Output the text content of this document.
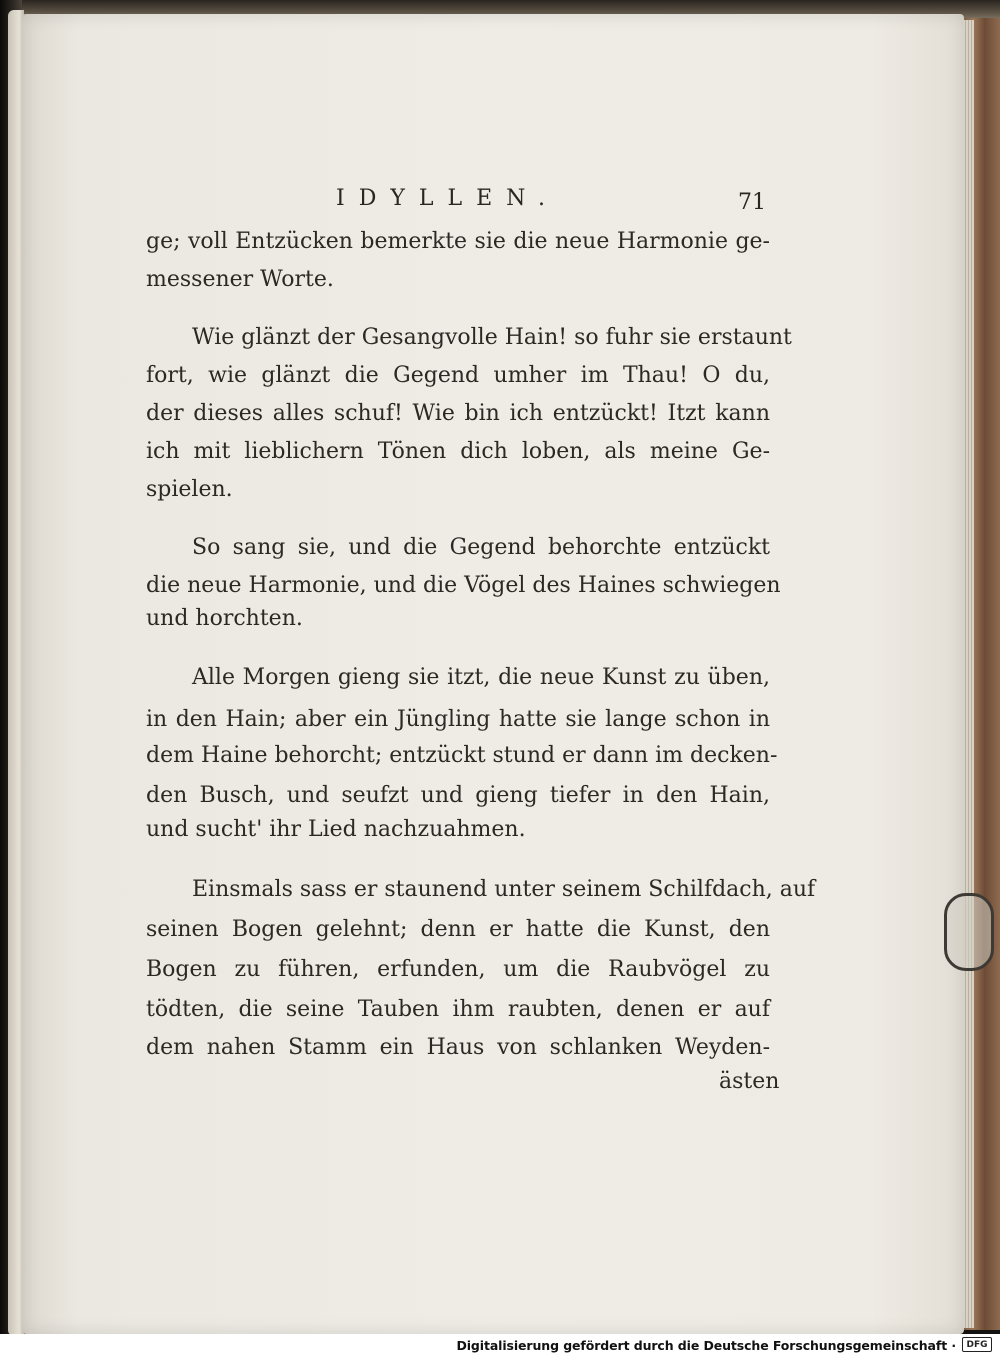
IDYLLEN.	71
ge; voll Entzücken bemerkte sie die neue Harmonie ge-
messener Worte.
Wie glänzt der Gesangvolle Hain! so fuhr sie erstaunt
fort, wie glänzt die Gegend umher im Thau! O du,
der dieses alles schuf! Wie bin ich entzückt! Itzt kann
ich mit lieblichern Tönen dich loben, als meine Ge-
spielen.
So sang sie, und die Gegend behorchte entzückt
die neue Harmonie, und die Vögel des Haines schwiegen
und horchten.
Alle Morgen gieng sie itzt, die neue Kunst zu üben,
in den Hain; aber ein Jüngling hatte sie lange schon in
dem Haine behorcht; entzückt stund er dann im decken-
den Busch, und seufzt und gieng tiefer in den Hain,
und sucht' ihr Lied nachzuahmen.
Einsmals sass er staunend unter seinem Schilfdach, auf
seinen Bogen gelehnt; denn er hatte die Kunst, den
Bogen zu führen, erfunden, um die Raubvögel zu
tödten, die seine Tauben ihm raubten, denen er auf
dem nahen Stamm ein Haus von schlanken Weyden-
ästen
Digitalisierung gefördert durch die Deutsche Forschungsgemeinschaft ·	DFG
